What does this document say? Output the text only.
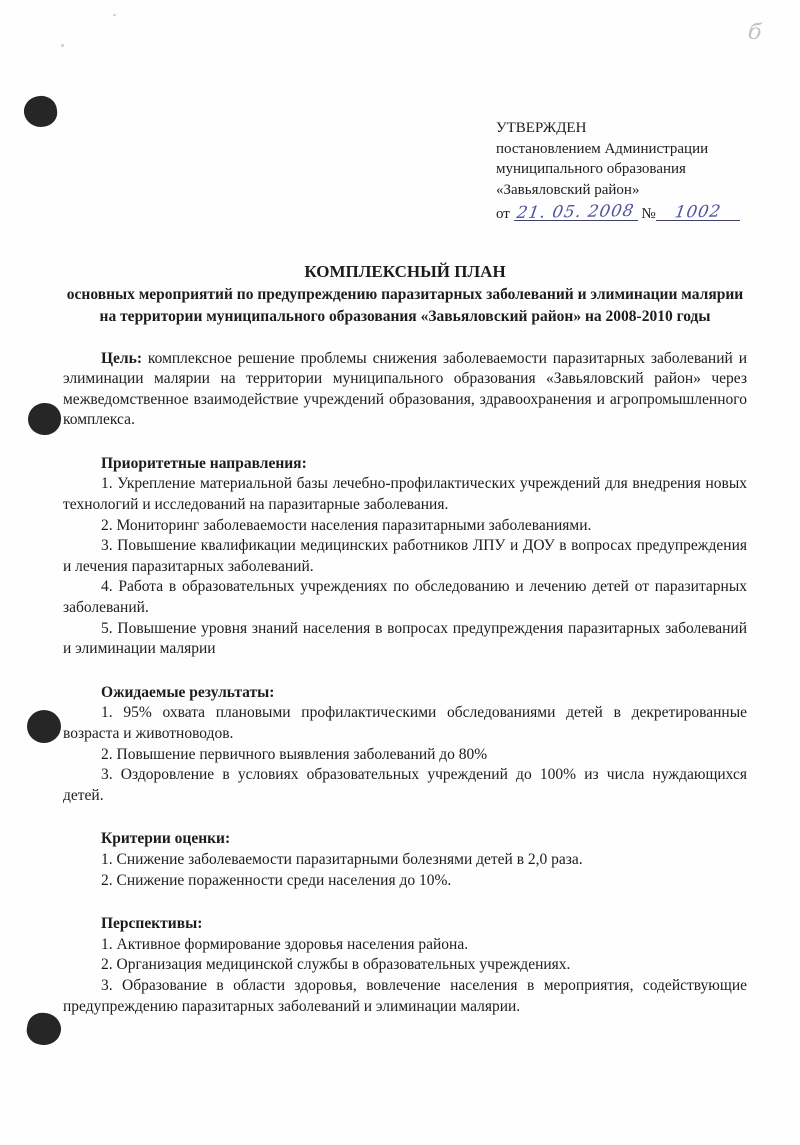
б

УТВЕРЖДЕН

постановлением Администрации

муниципального образования

«Завьяловский район»

от 21. 05. 2008 № 1002

КОМПЛЕКСНЫЙ ПЛАН
основных мероприятий по предупреждению паразитарных заболеваний и элиминации малярии на территории муниципального образования «Завьяловский район» на 2008-2010 годы

Цель: комплексное решение проблемы снижения заболеваемости паразитарных заболеваний и элиминации малярии на территории муниципального образования «Завьяловский район» через межведомственное взаимодействие учреждений образования, здравоохранения и агропромышленного комплекса.

Приоритетные направления:

1. Укрепление материальной базы лечебно-профилактических учреждений для внедрения новых технологий и исследований на паразитарные заболевания.

2. Мониторинг заболеваемости населения паразитарными заболеваниями.

3. Повышение квалификации медицинских работников ЛПУ и ДОУ в вопросах предупреждения и лечения паразитарных заболеваний.

4. Работа в образовательных учреждениях по обследованию и лечению детей от паразитарных заболеваний.

5. Повышение уровня знаний населения в вопросах предупреждения паразитарных заболеваний и элиминации малярии

Ожидаемые результаты:

1. 95% охвата плановыми профилактическими обследованиями детей в декретированные возраста и животноводов.

2. Повышение первичного выявления заболеваний до 80%

3. Оздоровление в условиях образовательных учреждений до 100% из числа нуждающихся детей.

Критерии оценки:

1. Снижение заболеваемости паразитарными болезнями детей в 2,0 раза.

2. Снижение пораженности среди населения до 10%.

Перспективы:

1. Активное формирование здоровья населения района.

2. Организация медицинской службы в образовательных учреждениях.

3. Образование в области здоровья, вовлечение населения в мероприятия, содействующие предупреждению паразитарных заболеваний и элиминации малярии.
